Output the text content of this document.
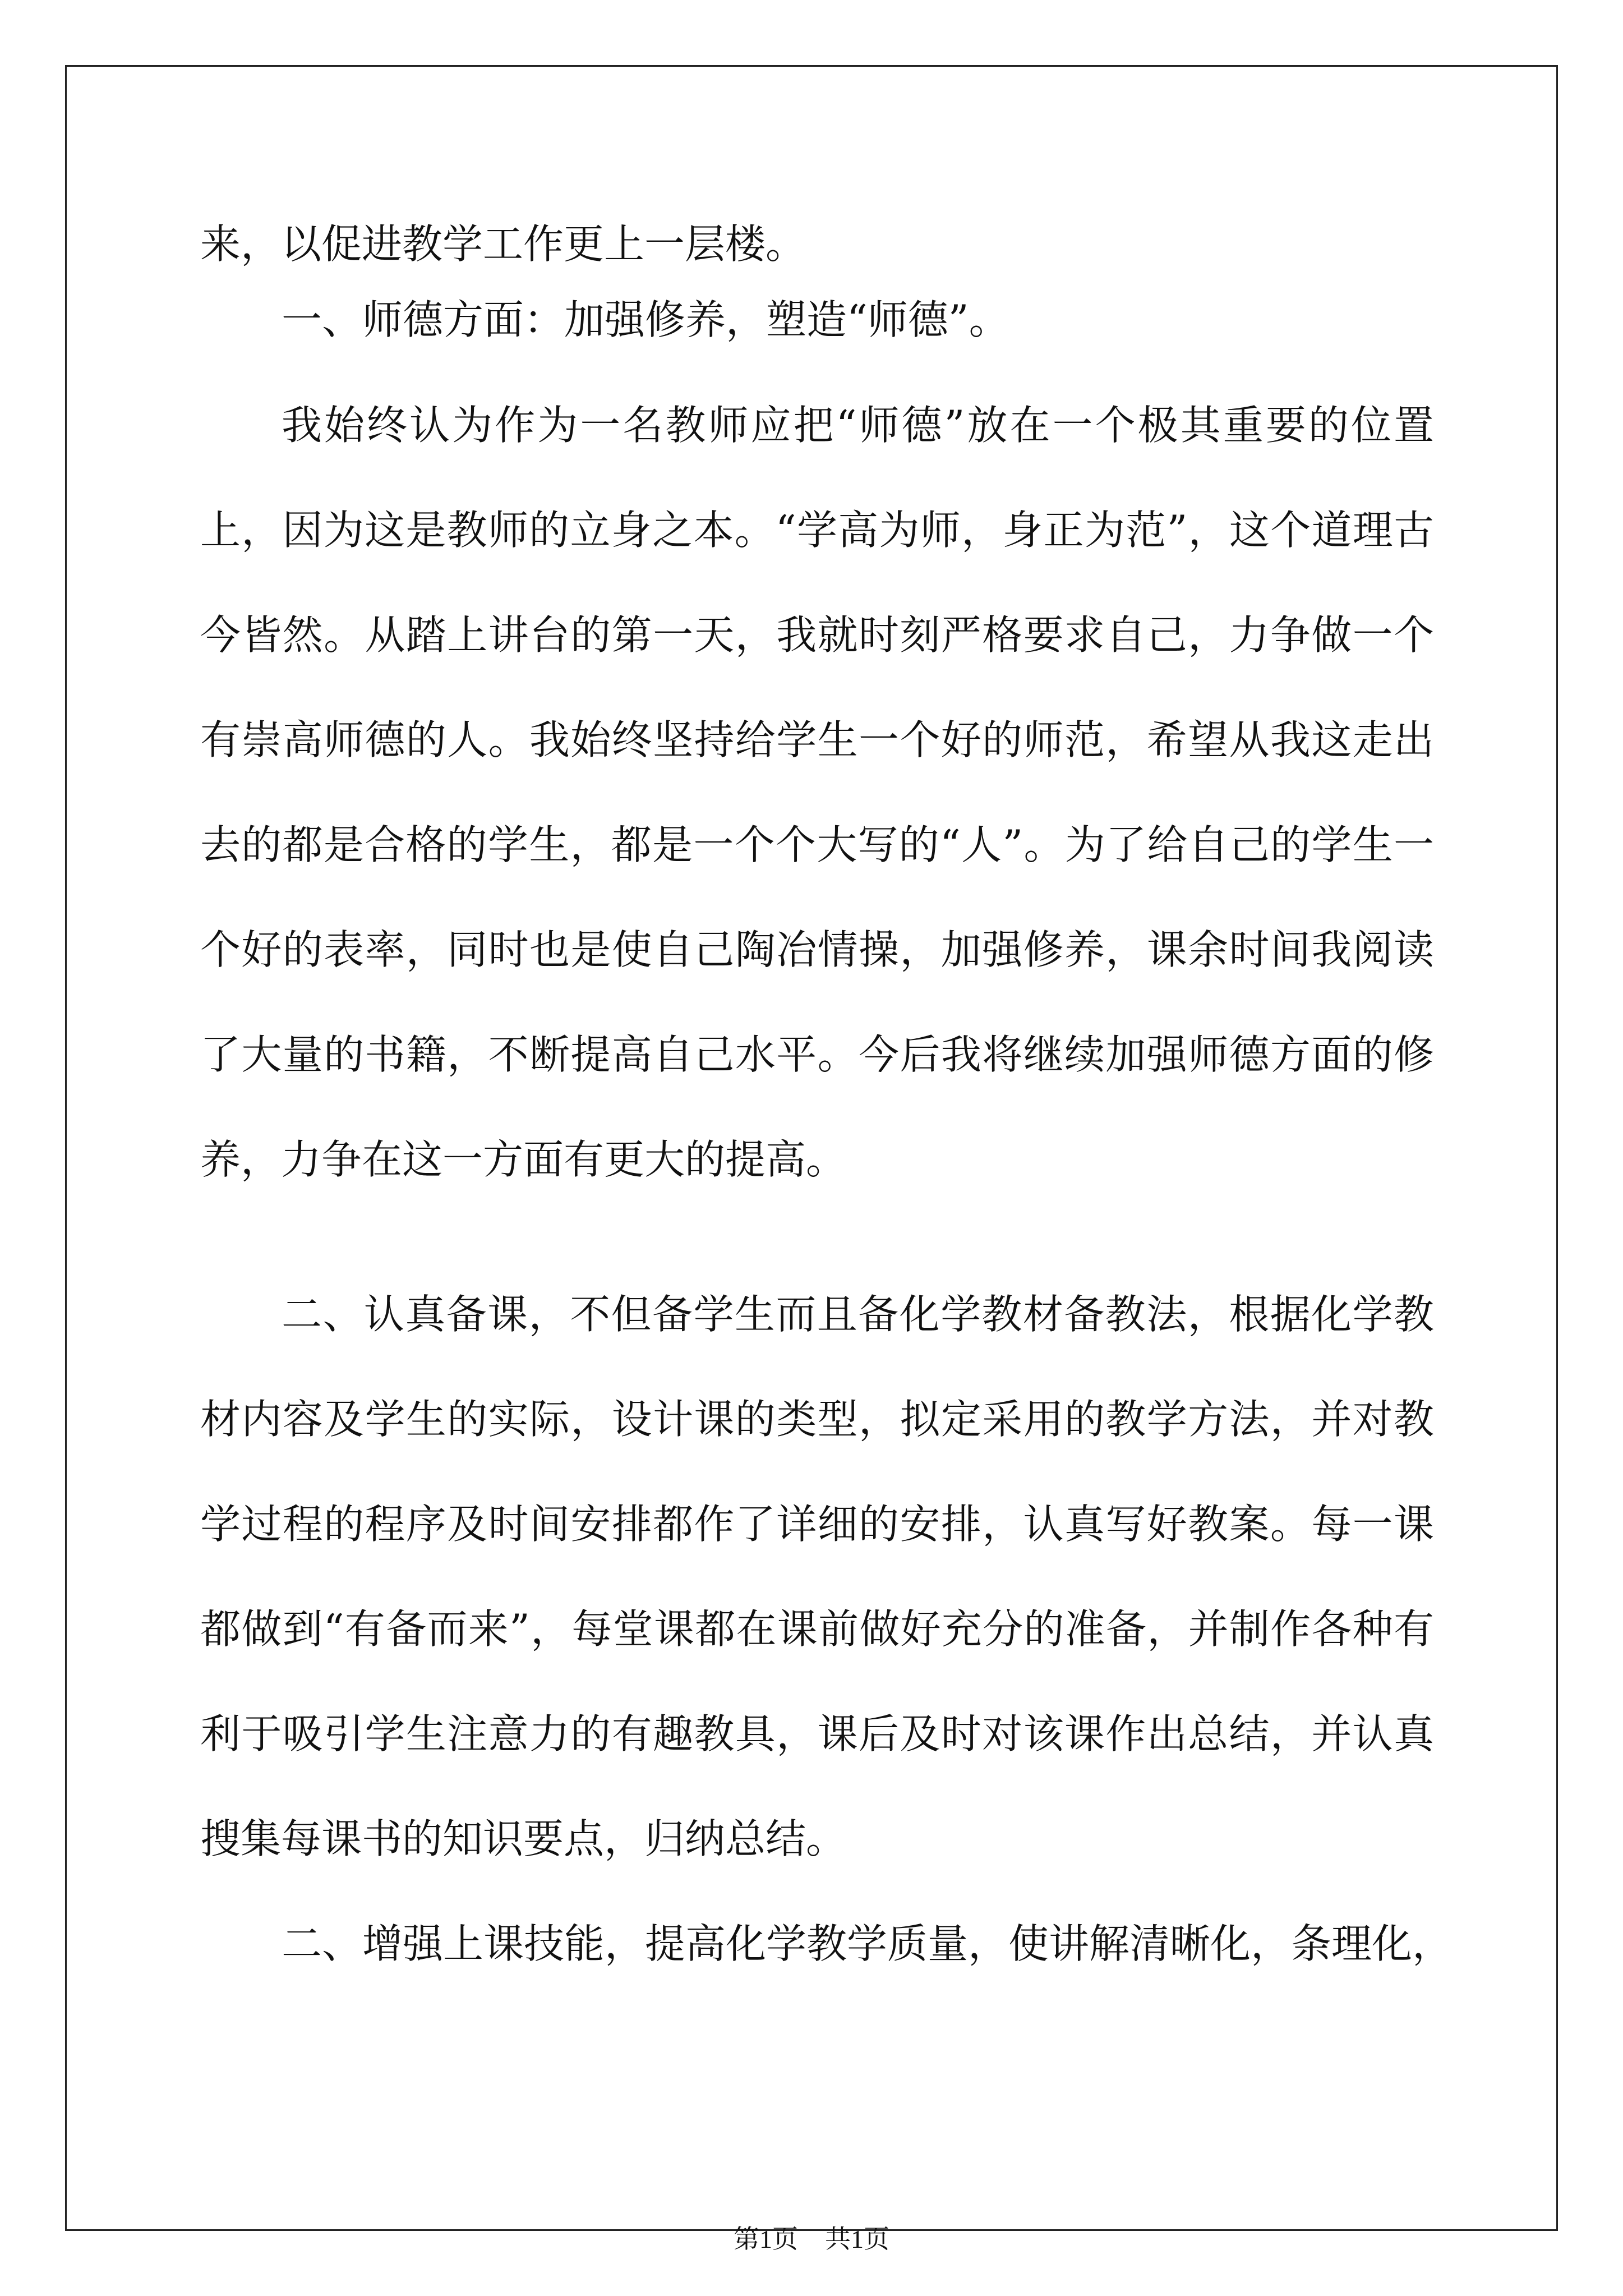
来，以促进教学工作更上一层楼。
一、师德方面：加强修养，塑造“师德”。
我始终认为作为一名教师应把“师德”放在一个极其重要的位置
上，因为这是教师的立身之本。“学高为师，身正为范”，这个道理古
今皆然。从踏上讲台的第一天，我就时刻严格要求自己，力争做一个
有崇高师德的人。我始终坚持给学生一个好的师范，希望从我这走出
去的都是合格的学生，都是一个个大写的“人”。为了给自己的学生一
个好的表率，同时也是使自己陶冶情操，加强修养，课余时间我阅读
了大量的书籍，不断提高自己水平。今后我将继续加强师德方面的修
养，力争在这一方面有更大的提高。
二、认真备课，不但备学生而且备化学教材备教法，根据化学教
材内容及学生的实际，设计课的类型，拟定采用的教学方法，并对教
学过程的程序及时间安排都作了详细的安排，认真写好教案。每一课
都做到“有备而来”，每堂课都在课前做好充分的准备，并制作各种有
利于吸引学生注意力的有趣教具，课后及时对该课作出总结，并认真
搜集每课书的知识要点，归纳总结。
二、增强上课技能，提高化学教学质量，使讲解清晰化，条理化，
第1页 共1页
